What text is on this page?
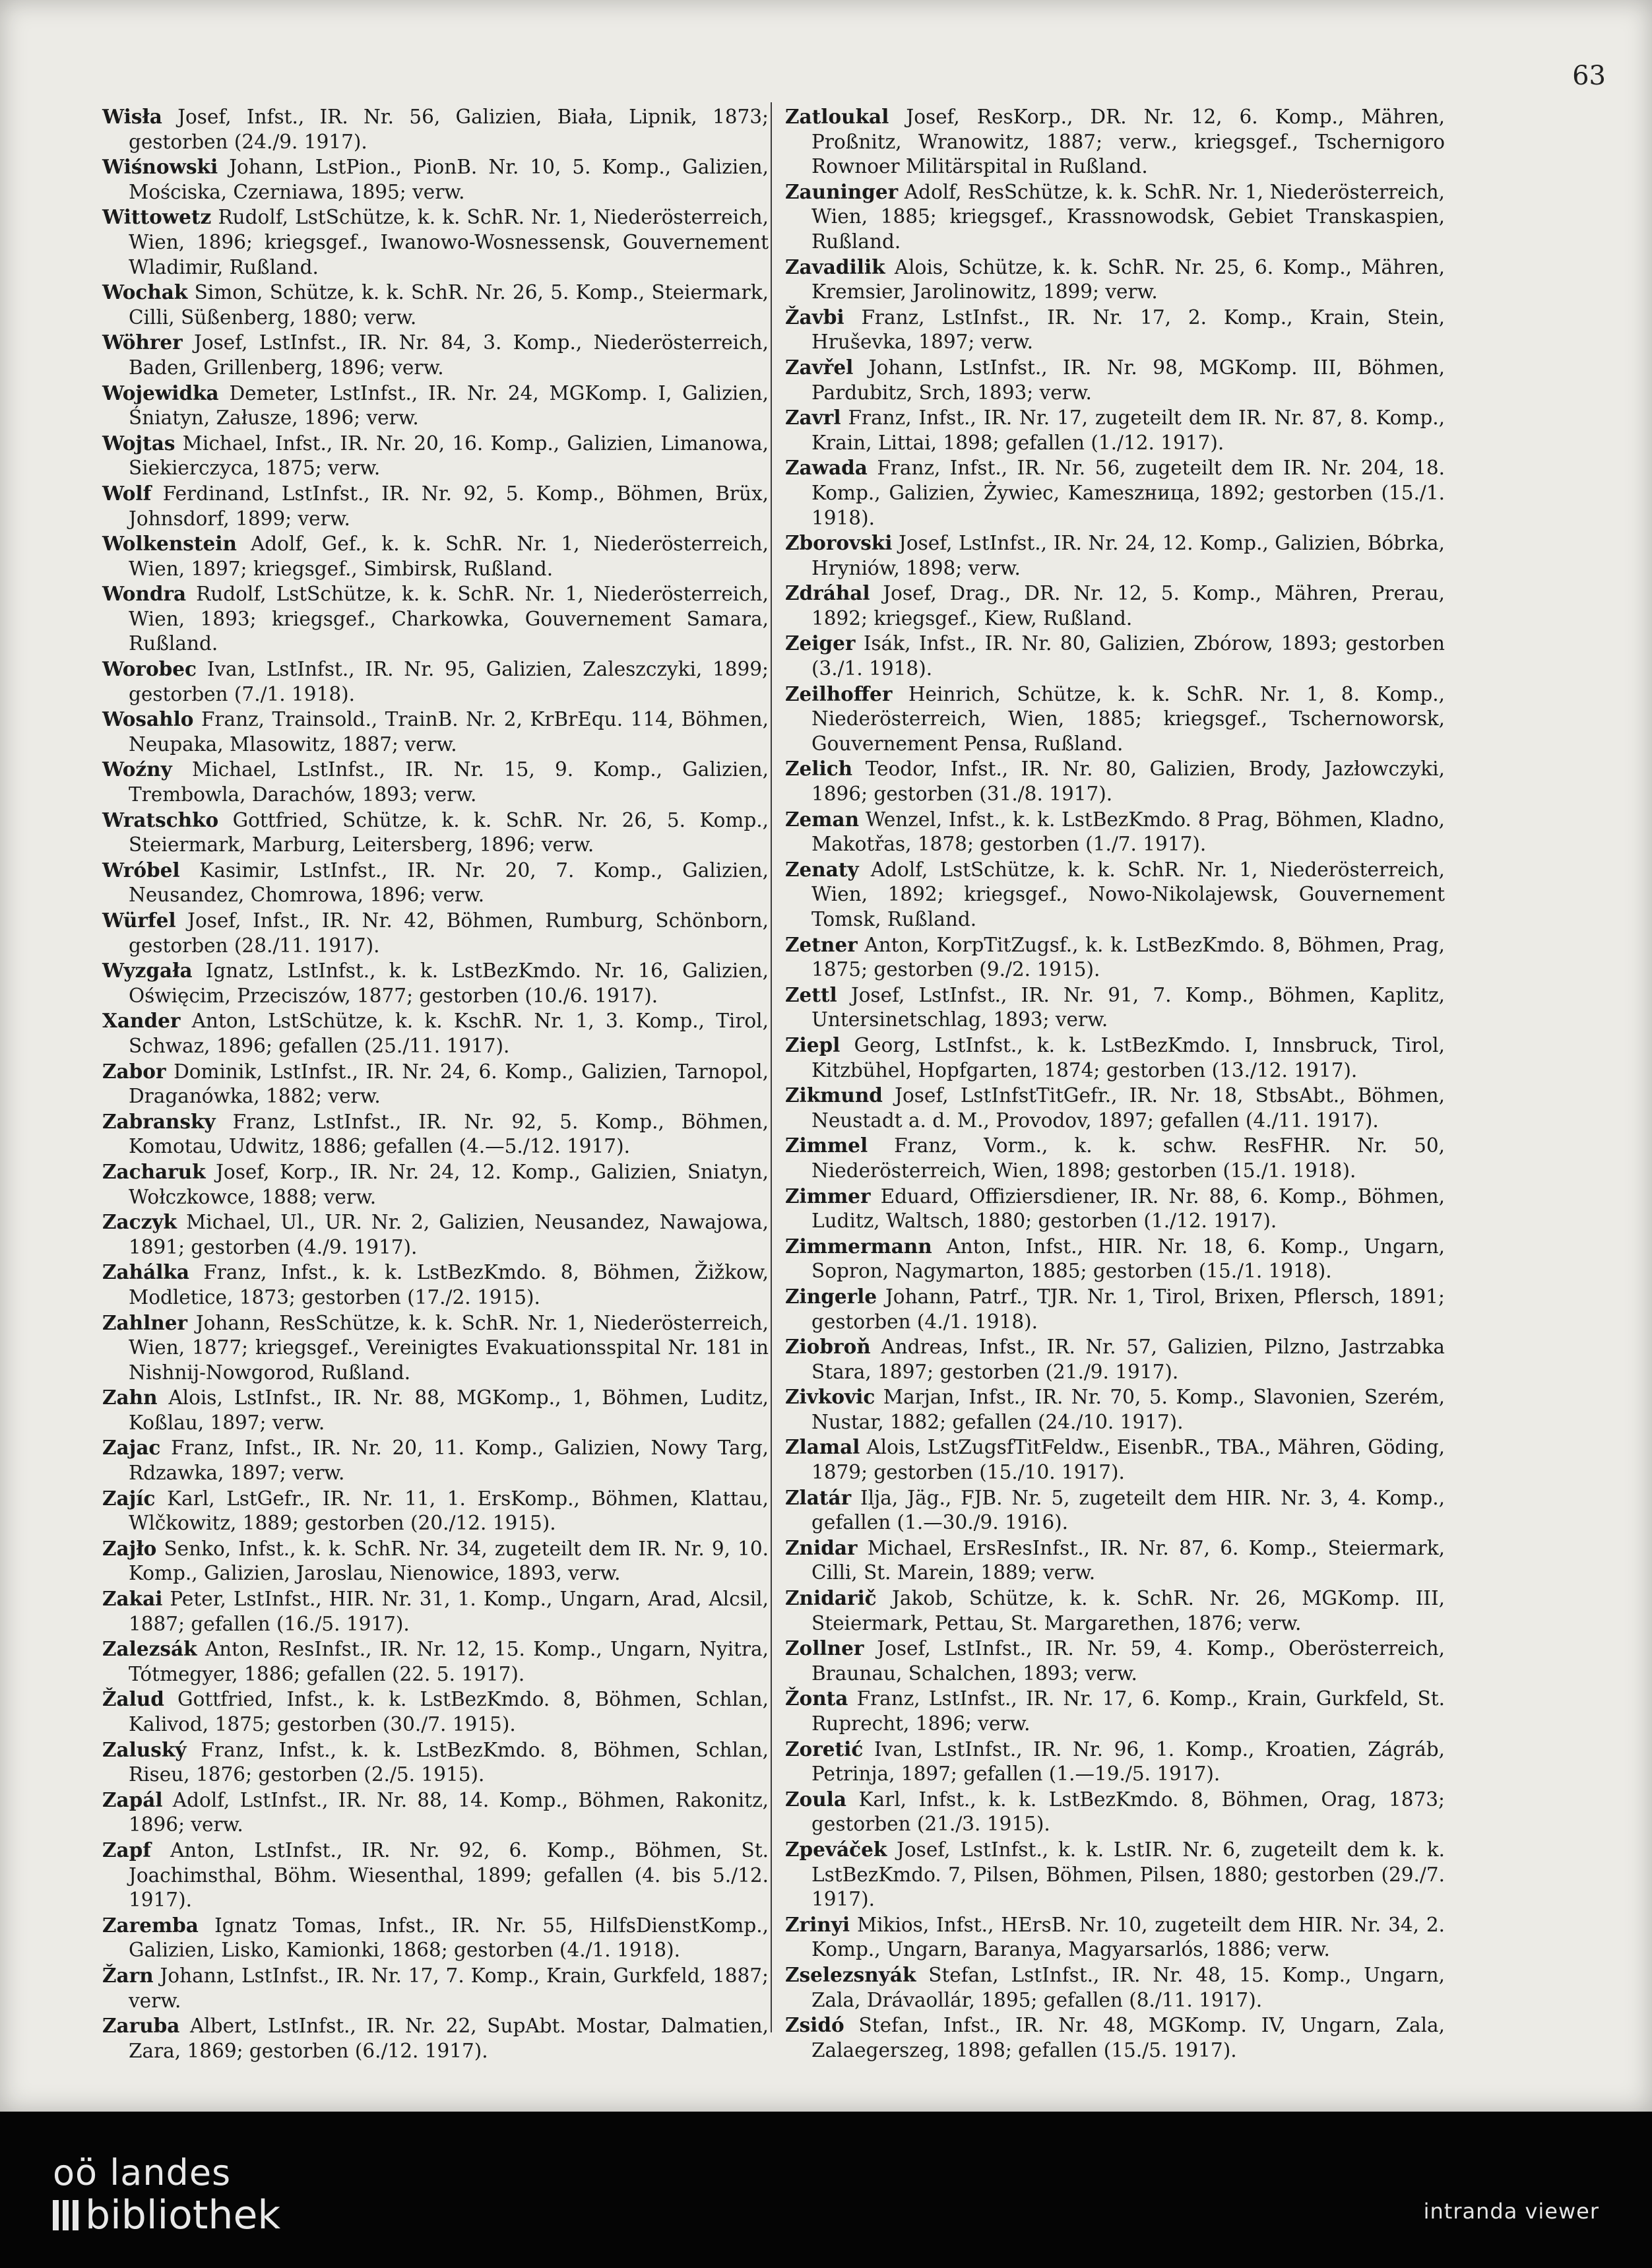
63
Wisła Josef, Infst., IR. Nr. 56, Galizien, Biała, Lipnik, 1873; gestorben (24./9. 1917).
Wiśnowski Johann, LstPion., PionB. Nr. 10, 5. Komp., Galizien, Mościska, Czerniawa, 1895; verw.
Wittowetz Rudolf, LstSchütze, k. k. SchR. Nr. 1, Niederösterreich, Wien, 1896; kriegsgef., Iwanowo-Wosnessensk, Gouvernement Wladimir, Rußland.
Wochak Simon, Schütze, k. k. SchR. Nr. 26, 5. Komp., Steiermark, Cilli, Süßenberg, 1880; verw.
Wöhrer Josef, LstInfst., IR. Nr. 84, 3. Komp., Niederösterreich, Baden, Grillenberg, 1896; verw.
Wojewidka Demeter, LstInfst., IR. Nr. 24, MGKomp. I, Galizien, Śniatyn, Załusze, 1896; verw.
Wojtas Michael, Infst., IR. Nr. 20, 16. Komp., Galizien, Limanowa, Siekierczyca, 1875; verw.
Wolf Ferdinand, LstInfst., IR. Nr. 92, 5. Komp., Böhmen, Brüx, Johnsdorf, 1899; verw.
Wolkenstein Adolf, Gef., k. k. SchR. Nr. 1, Niederösterreich, Wien, 1897; kriegsgef., Simbirsk, Rußland.
Wondra Rudolf, LstSchütze, k. k. SchR. Nr. 1, Niederösterreich, Wien, 1893; kriegsgef., Charkowka, Gouvernement Samara, Rußland.
Worobec Ivan, LstInfst., IR. Nr. 95, Galizien, Zaleszczyki, 1899; gestorben (7./1. 1918).
Wosahlo Franz, Trainsold., TrainB. Nr. 2, KrBrEqu. 114, Böhmen, Neupaka, Mlasowitz, 1887; verw.
Woźny Michael, LstInfst., IR. Nr. 15, 9. Komp., Galizien, Trembowla, Darachów, 1893; verw.
Wratschko Gottfried, Schütze, k. k. SchR. Nr. 26, 5. Komp., Steiermark, Marburg, Leitersberg, 1896; verw.
Wróbel Kasimir, LstInfst., IR. Nr. 20, 7. Komp., Galizien, Neusandez, Chomrowa, 1896; verw.
Würfel Josef, Infst., IR. Nr. 42, Böhmen, Rumburg, Schönborn, gestorben (28./11. 1917).
Wyzgała Ignatz, LstInfst., k. k. LstBezKmdo. Nr. 16, Galizien, Oświęcim, Przeciszów, 1877; gestorben (10./6. 1917).
Xander Anton, LstSchütze, k. k. KschR. Nr. 1, 3. Komp., Tirol, Schwaz, 1896; gefallen (25./11. 1917).
Zabor Dominik, LstInfst., IR. Nr. 24, 6. Komp., Galizien, Tarnopol, Draganówka, 1882; verw.
Zabransky Franz, LstInfst., IR. Nr. 92, 5. Komp., Böhmen, Komotau, Udwitz, 1886; gefallen (4.—5./12. 1917).
Zacharuk Josef, Korp., IR. Nr. 24, 12. Komp., Galizien, Sniatyn, Wołczkowce, 1888; verw.
Zaczyk Michael, Ul., UR. Nr. 2, Galizien, Neusandez, Nawajowa, 1891; gestorben (4./9. 1917).
Zahálka Franz, Infst., k. k. LstBezKmdo. 8, Böhmen, Žižkow, Modletice, 1873; gestorben (17./2. 1915).
Zahlner Johann, ResSchütze, k. k. SchR. Nr. 1, Niederösterreich, Wien, 1877; kriegsgef., Vereinigtes Evakuationsspital Nr. 181 in Nishnij-Nowgorod, Rußland.
Zahn Alois, LstInfst., IR. Nr. 88, MGKomp., 1, Böhmen, Luditz, Koßlau, 1897; verw.
Zajac Franz, Infst., IR. Nr. 20, 11. Komp., Galizien, Nowy Targ, Rdzawka, 1897; verw.
Zajíc Karl, LstGefr., IR. Nr. 11, 1. ErsKomp., Böhmen, Klattau, Wlčkowitz, 1889; gestorben (20./12. 1915).
Zajło Senko, Infst., k. k. SchR. Nr. 34, zugeteilt dem IR. Nr. 9, 10. Komp., Galizien, Jaroslau, Nienowice, 1893, verw.
Zakai Peter, LstInfst., HIR. Nr. 31, 1. Komp., Ungarn, Arad, Alcsil, 1887; gefallen (16./5. 1917).
Zalezsák Anton, ResInfst., IR. Nr. 12, 15. Komp., Ungarn, Nyitra, Tótmegyer, 1886; gefallen (22. 5. 1917).
Žalud Gottfried, Infst., k. k. LstBezKmdo. 8, Böhmen, Schlan, Kalivod, 1875; gestorben (30./7. 1915).
Zaluský Franz, Infst., k. k. LstBezKmdo. 8, Böhmen, Schlan, Riseu, 1876; gestorben (2./5. 1915).
Zapál Adolf, LstInfst., IR. Nr. 88, 14. Komp., Böhmen, Rakonitz, 1896; verw.
Zapf Anton, LstInfst., IR. Nr. 92, 6. Komp., Böhmen, St. Joachimsthal, Böhm. Wiesenthal, 1899; gefallen (4. bis 5./12. 1917).
Zaremba Ignatz Tomas, Infst., IR. Nr. 55, HilfsDienstKomp., Galizien, Lisko, Kamionki, 1868; gestorben (4./1. 1918).
Žarn Johann, LstInfst., IR. Nr. 17, 7. Komp., Krain, Gurkfeld, 1887; verw.
Zaruba Albert, LstInfst., IR. Nr. 22, SupAbt. Mostar, Dalmatien, Zara, 1869; gestorben (6./12. 1917).
Zatloukal Josef, ResKorp., DR. Nr. 12, 6. Komp., Mähren, Proßnitz, Wranowitz, 1887; verw., kriegsgef., Tschernigoro Rownoer Militärspital in Rußland.
Zauninger Adolf, ResSchütze, k. k. SchR. Nr. 1, Niederösterreich, Wien, 1885; kriegsgef., Krassnowodsk, Gebiet Transkaspien, Rußland.
Zavadilik Alois, Schütze, k. k. SchR. Nr. 25, 6. Komp., Mähren, Kremsier, Jarolinowitz, 1899; verw.
Žavbi Franz, LstInfst., IR. Nr. 17, 2. Komp., Krain, Stein, Hruševka, 1897; verw.
Zavřel Johann, LstInfst., IR. Nr. 98, MGKomp. III, Böhmen, Pardubitz, Srch, 1893; verw.
Zavrl Franz, Infst., IR. Nr. 17, zugeteilt dem IR. Nr. 87, 8. Komp., Krain, Littai, 1898; gefallen (1./12. 1917).
Zawada Franz, Infst., IR. Nr. 56, zugeteilt dem IR. Nr. 204, 18. Komp., Galizien, Żywiec, Kameszница, 1892; gestorben (15./1. 1918).
Zborovski Josef, LstInfst., IR. Nr. 24, 12. Komp., Galizien, Bóbrka, Hryniów, 1898; verw.
Zdráhal Josef, Drag., DR. Nr. 12, 5. Komp., Mähren, Prerau, 1892; kriegsgef., Kiew, Rußland.
Zeiger Isák, Infst., IR. Nr. 80, Galizien, Zbórow, 1893; gestorben (3./1. 1918).
Zeilhoffer Heinrich, Schütze, k. k. SchR. Nr. 1, 8. Komp., Niederösterreich, Wien, 1885; kriegsgef., Tschernoworsk, Gouvernement Pensa, Rußland.
Zelich Teodor, Infst., IR. Nr. 80, Galizien, Brody, Jazłowczyki, 1896; gestorben (31./8. 1917).
Zeman Wenzel, Infst., k. k. LstBezKmdo. 8 Prag, Böhmen, Kladno, Makotřas, 1878; gestorben (1./7. 1917).
Zenaty Adolf, LstSchütze, k. k. SchR. Nr. 1, Niederösterreich, Wien, 1892; kriegsgef., Nowo-Nikolajewsk, Gouvernement Tomsk, Rußland.
Zetner Anton, KorpTitZugsf., k. k. LstBezKmdo. 8, Böhmen, Prag, 1875; gestorben (9./2. 1915).
Zettl Josef, LstInfst., IR. Nr. 91, 7. Komp., Böhmen, Kaplitz, Untersinetschlag, 1893; verw.
Ziepl Georg, LstInfst., k. k. LstBezKmdo. I, Innsbruck, Tirol, Kitzbühel, Hopfgarten, 1874; gestorben (13./12. 1917).
Zikmund Josef, LstInfstTitGefr., IR. Nr. 18, StbsAbt., Böhmen, Neustadt a. d. M., Provodov, 1897; gefallen (4./11. 1917).
Zimmel Franz, Vorm., k. k. schw. ResFHR. Nr. 50, Niederösterreich, Wien, 1898; gestorben (15./1. 1918).
Zimmer Eduard, Offiziersdiener, IR. Nr. 88, 6. Komp., Böhmen, Luditz, Waltsch, 1880; gestorben (1./12. 1917).
Zimmermann Anton, Infst., HIR. Nr. 18, 6. Komp., Ungarn, Sopron, Nagymarton, 1885; gestorben (15./1. 1918).
Zingerle Johann, Patrf., TJR. Nr. 1, Tirol, Brixen, Pflersch, 1891; gestorben (4./1. 1918).
Ziobroň Andreas, Infst., IR. Nr. 57, Galizien, Pilzno, Jastrzabka Stara, 1897; gestorben (21./9. 1917).
Zivkovic Marjan, Infst., IR. Nr. 70, 5. Komp., Slavonien, Szerém, Nustar, 1882; gefallen (24./10. 1917).
Zlamal Alois, LstZugsfTitFeldw., EisenbR., TBA., Mähren, Göding, 1879; gestorben (15./10. 1917).
Zlatár Ilja, Jäg., FJB. Nr. 5, zugeteilt dem HIR. Nr. 3, 4. Komp., gefallen (1.—30./9. 1916).
Znidar Michael, ErsResInfst., IR. Nr. 87, 6. Komp., Steiermark, Cilli, St. Marein, 1889; verw.
Znidarič Jakob, Schütze, k. k. SchR. Nr. 26, MGKomp. III, Steiermark, Pettau, St. Margarethen, 1876; verw.
Zollner Josef, LstInfst., IR. Nr. 59, 4. Komp., Oberösterreich, Braunau, Schalchen, 1893; verw.
Žonta Franz, LstInfst., IR. Nr. 17, 6. Komp., Krain, Gurkfeld, St. Ruprecht, 1896; verw.
Zoretić Ivan, LstInfst., IR. Nr. 96, 1. Komp., Kroatien, Zágráb, Petrinja, 1897; gefallen (1.—19./5. 1917).
Zoula Karl, Infst., k. k. LstBezKmdo. 8, Böhmen, Orag, 1873; gestorben (21./3. 1915).
Zpeváček Josef, LstInfst., k. k. LstIR. Nr. 6, zugeteilt dem k. k. LstBezKmdo. 7, Pilsen, Böhmen, Pilsen, 1880; gestorben (29./7. 1917).
Zrinyi Mikios, Infst., HErsB. Nr. 10, zugeteilt dem HIR. Nr. 34, 2. Komp., Ungarn, Baranya, Magyarsarlós, 1886; verw.
Zselezsnyák Stefan, LstInfst., IR. Nr. 48, 15. Komp., Ungarn, Zala, Drávaollár, 1895; gefallen (8./11. 1917).
Zsidó Stefan, Infst., IR. Nr. 48, MGKomp. IV, Ungarn, Zala, Zalaegerszeg, 1898; gefallen (15./5. 1917).
oö landes
bibliothek	intranda viewer
